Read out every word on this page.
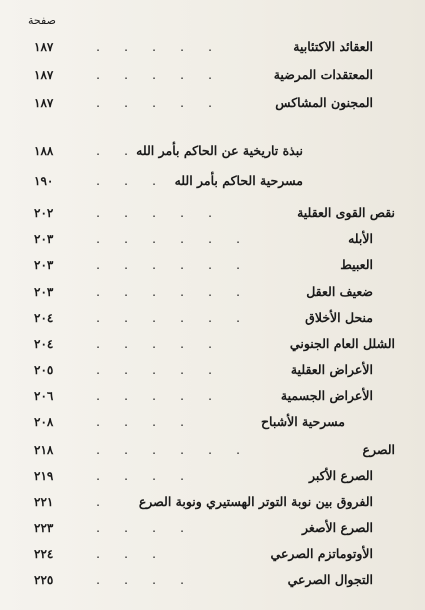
صفحة
العقائد الاكتئابية
. . . . .
١٨٧
المعتقدات المرضية
. . . . .
١٨٧
المجنون المشاكس
. . . . .
١٨٧
نبذة تاريخية عن الحاكم بأمر الله
. .
١٨٨
مسرحية الحاكم بأمر الله
. . .
١٩٠
نقص القوى العقلية
. . . . .
٢٠٢
الأبله
. . . . . .
٢٠٣
العبيط
. . . . . .
٢٠٣
ضعيف العقل
. . . . . .
٢٠٣
منحل الأخلاق
. . . . . .
٢٠٤
الشلل العام الجنوني
. . . . .
٢٠٤
الأعراض العقلية
. . . . .
٢٠٥
الأعراض الجسمية
. . . . .
٢٠٦
مسرحية الأشباح
. . . .
٢٠٨
الصرع
. . . . . .
٢١٨
الصرع الأكبر
. . . .
٢١٩
الفروق بين نوبة التوتر الهستيري ونوبة الصرع
.
٢٢١
الصرع الأصغر
. . . .
٢٢٣
الأوتوماتزم الصرعي
. . .
٢٢٤
التجوال الصرعي
. . . .
٢٢٥
